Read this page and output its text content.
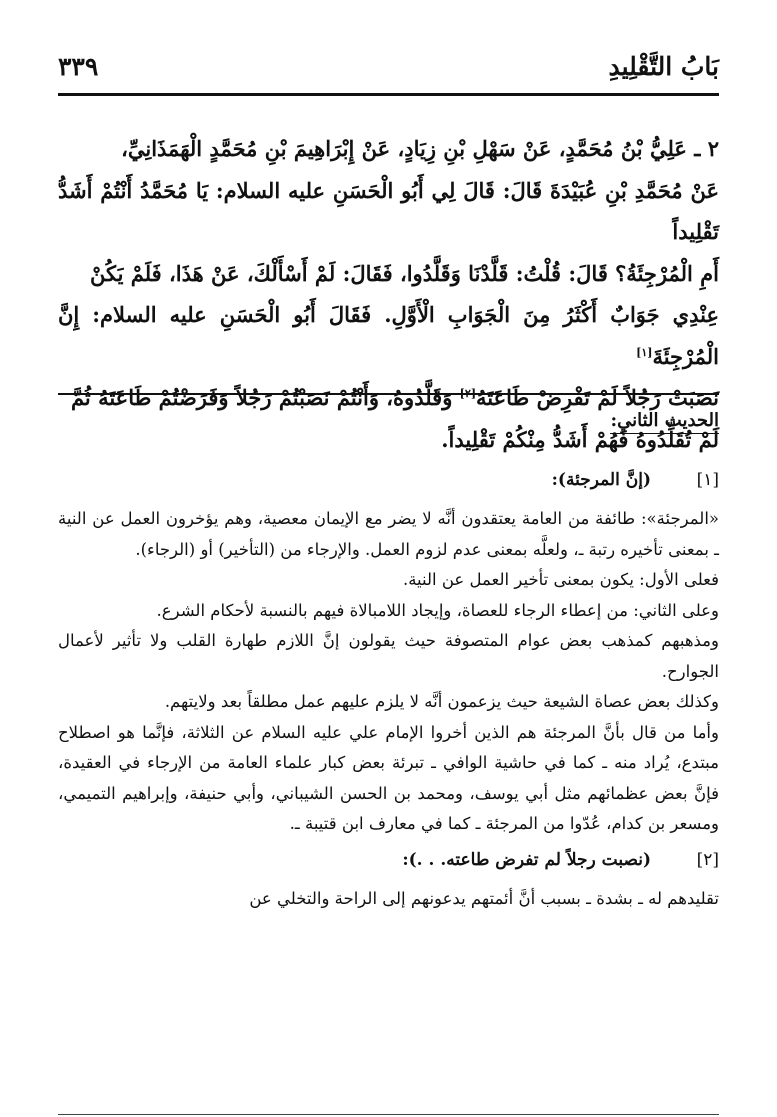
بَابُ التَّقْلِيدِ
٣٣٩

٢ ـ عَلِيُّ بْنُ مُحَمَّدٍ، عَنْ سَهْلِ بْنِ زِيَادٍ، عَنْ إِبْرَاهِيمَ بْنِ مُحَمَّدٍ الْهَمَذَانِيِّ،

عَنْ مُحَمَّدِ بْنِ عُبَيْدَةَ قَالَ: قَالَ لِي أَبُو الْحَسَنِ عليه السلام: يَا مُحَمَّدُ أَنْتُمْ أَشَدُّ تَقْلِيداً

أَمِ الْمُرْجِئَةُ؟ قَالَ: قُلْتُ: قَلَّدْنَا وَقَلَّدُوا، فَقَالَ: لَمْ أَسْأَلْكَ، عَنْ هَذَا، فَلَمْ يَكُنْ

عِنْدِي جَوَابٌ أَكْثَرُ مِنَ الْجَوَابِ الْأَوَّلِ. فَقَالَ أَبُو الْحَسَنِ عليه السلام: إِنَّ الْمُرْجِئَةَ[١]

نَصَبَتْ رَجُلاً لَمْ تَفْرِضْ طَاعَتَهُ[٢] وَقَلَّدُوهُ، وَأَنْتُمْ نَصَبْتُمْ رَجُلاً وَفَرَضْتُمْ طَاعَتَهُ ثُمَّ

لَمْ تُقَلِّدُوهُ فَهُمْ أَشَدُّ مِنْكُمْ تَقْلِيداً.

الحديث الثاني:
[١]
(إنَّ المرجئة):

«المرجئة»: طائفة من العامة يعتقدون أنَّه لا يضر مع الإيمان معصية، وهم يؤخرون العمل عن النية ـ بمعنى تأخيره رتبة ـ، ولعلَّه بمعنى عدم لزوم العمل. والإرجاء من (التأخير) أو (الرجاء).

فعلى الأول: يكون بمعنى تأخير العمل عن النية.

وعلى الثاني: من إعطاء الرجاء للعصاة، وإيجاد اللامبالاة فيهم بالنسبة لأحكام الشرع.

ومذهبهم كمذهب بعض عوام المتصوفة حيث يقولون إنَّ اللازم طهارة القلب ولا تأثير لأعمال الجوارح.

وكذلك بعض عصاة الشيعة حيث يزعمون أنَّه لا يلزم عليهم عمل مطلقاً بعد ولايتهم.

وأما من قال بأنَّ المرجئة هم الذين أخروا الإمام علي عليه السلام عن الثلاثة، فإنَّما هو اصطلاح مبتدع، يُراد منه ـ كما في حاشية الوافي ـ تبرئة بعض كبار علماء العامة من الإرجاء في العقيدة، فإنَّ بعض عظمائهم مثل أبي يوسف، ومحمد بن الحسن الشيباني، وأبي حنيفة، وإبراهيم التميمي، ومسعر بن كدام، عُدّوا من المرجئة ـ كما في معارف ابن قتيبة ـ.

[٢]
(نصبت رجلاً لم تفرض طاعته. . .):

تقليدهم له ـ بشدة ـ بسبب أنَّ أئمتهم يدعونهم إلى الراحة والتخلي عن
